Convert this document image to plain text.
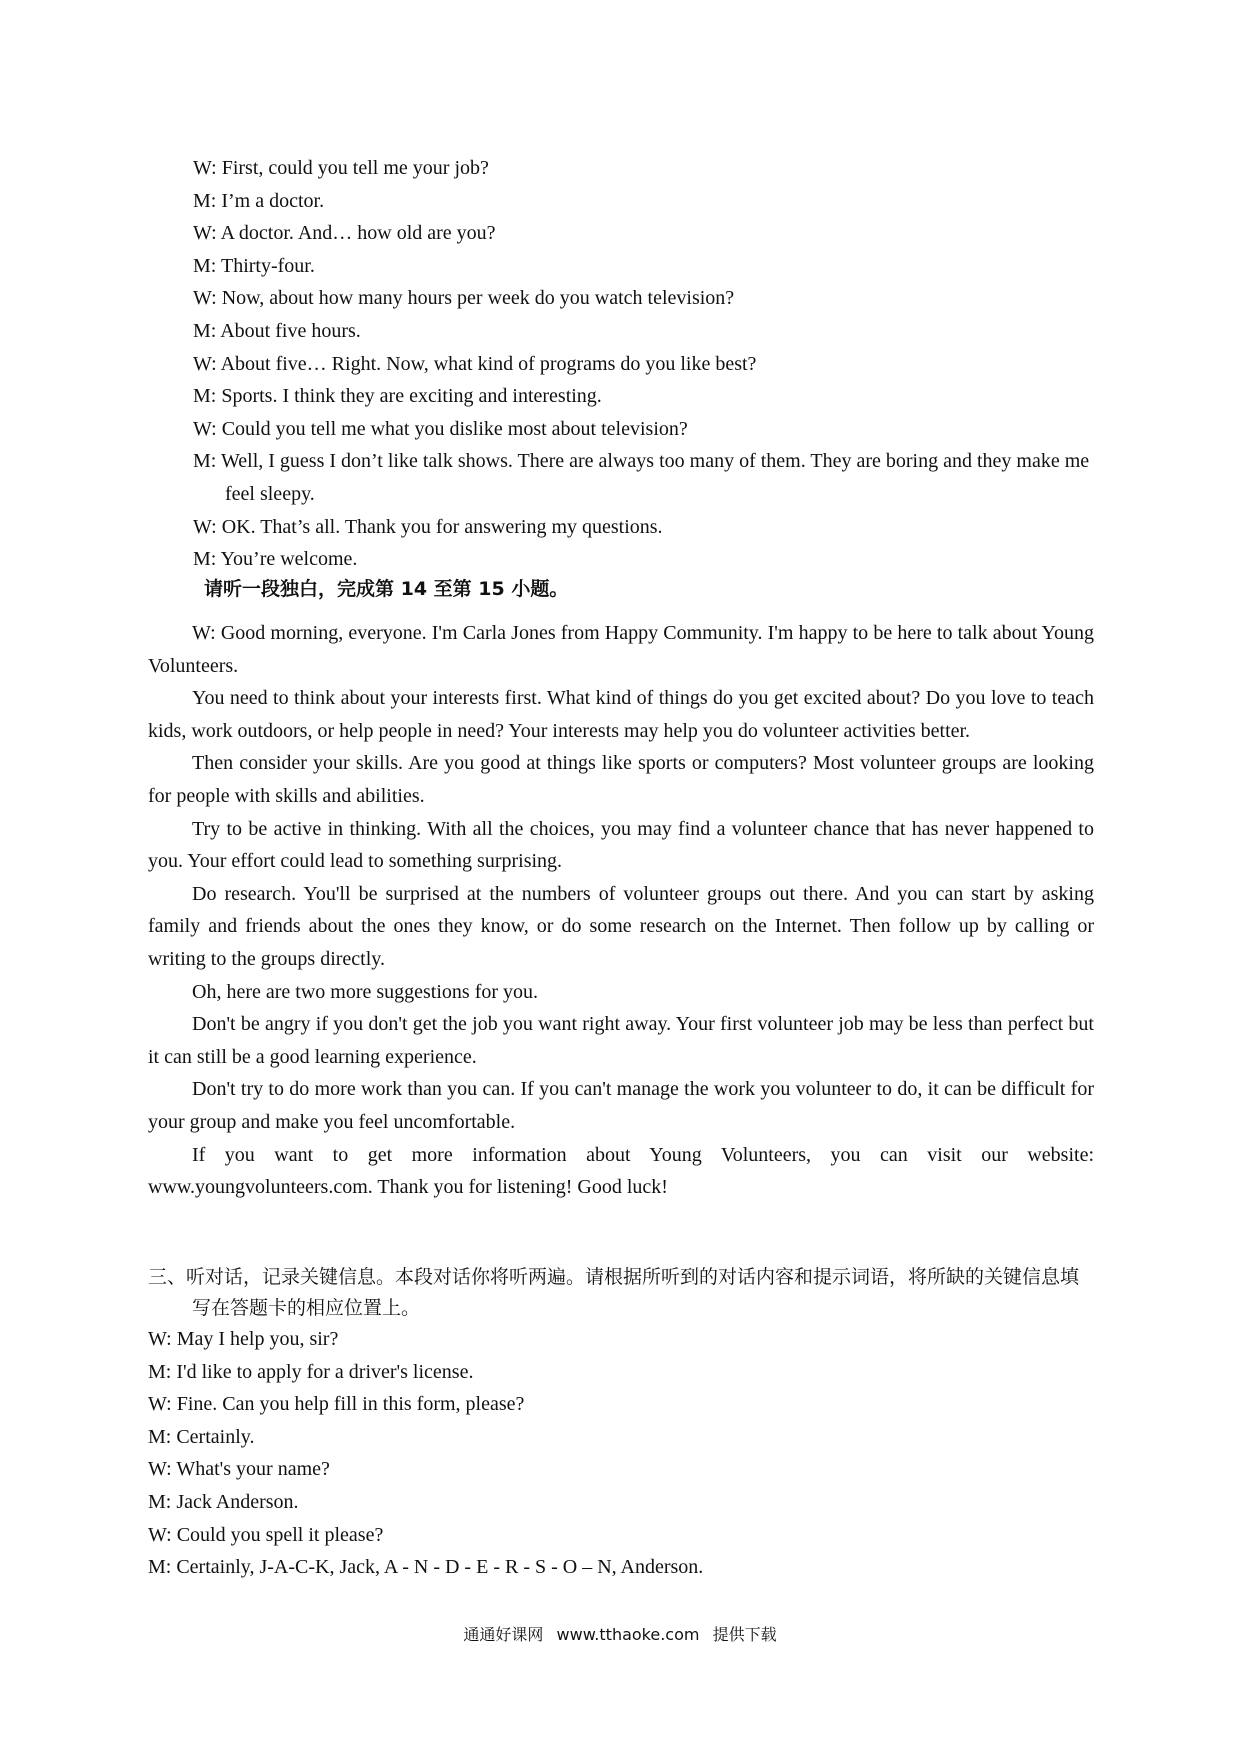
W: First, could you tell me your job?
M: I’m a doctor.
W: A doctor. And… how old are you?
M: Thirty-four.
W: Now, about how many hours per week do you watch television?
M: About five hours.
W: About five… Right. Now, what kind of programs do you like best?
M: Sports. I think they are exciting and interesting.
W: Could you tell me what you dislike most about television?
M: Well, I guess I don’t like talk shows. There are always too many of them. They are boring and they make me feel sleepy.
W: OK. That’s all. Thank you for answering my questions.
M: You’re welcome.
请听一段独白，完成第 14 至第 15 小题。

W: Good morning, everyone. I'm Carla Jones from Happy Community. I'm happy to be here to talk about Young Volunteers.

You need to think about your interests first. What kind of things do you get excited about? Do you love to teach kids, work outdoors, or help people in need? Your interests may help you do volunteer activities better.

Then consider your skills. Are you good at things like sports or computers? Most volunteer groups are looking for people with skills and abilities.

Try to be active in thinking. With all the choices, you may find a volunteer chance that has never happened to you. Your effort could lead to something surprising.

Do research. You'll be surprised at the numbers of volunteer groups out there. And you can start by asking family and friends about the ones they know, or do some research on the Internet. Then follow up by calling or writing to the groups directly.

Oh, here are two more suggestions for you.

Don't be angry if you don't get the job you want right away. Your first volunteer job may be less than perfect but it can still be a good learning experience.

Don't try to do more work than you can. If you can't manage the work you volunteer to do, it can be difficult for your group and make you feel uncomfortable.

If you want to get more information about Young Volunteers, you can visit our website: www.youngvolunteers.com. Thank you for listening! Good luck!

三、听对话，记录关键信息。本段对话你将听两遍。请根据所听到的对话内容和提示词语，将所缺的关键信息填写在答题卡的相应位置上。
W: May I help you, sir?
M: I'd like to apply for a driver's license.
W: Fine. Can you help fill in this form, please?
M: Certainly.
W: What's your name?
M: Jack Anderson.
W: Could you spell it please?
M: Certainly, J-A-C-K, Jack, A - N - D - E - R - S - O – N, Anderson.
通通好课网 www.tthaoke.com 提供下载
